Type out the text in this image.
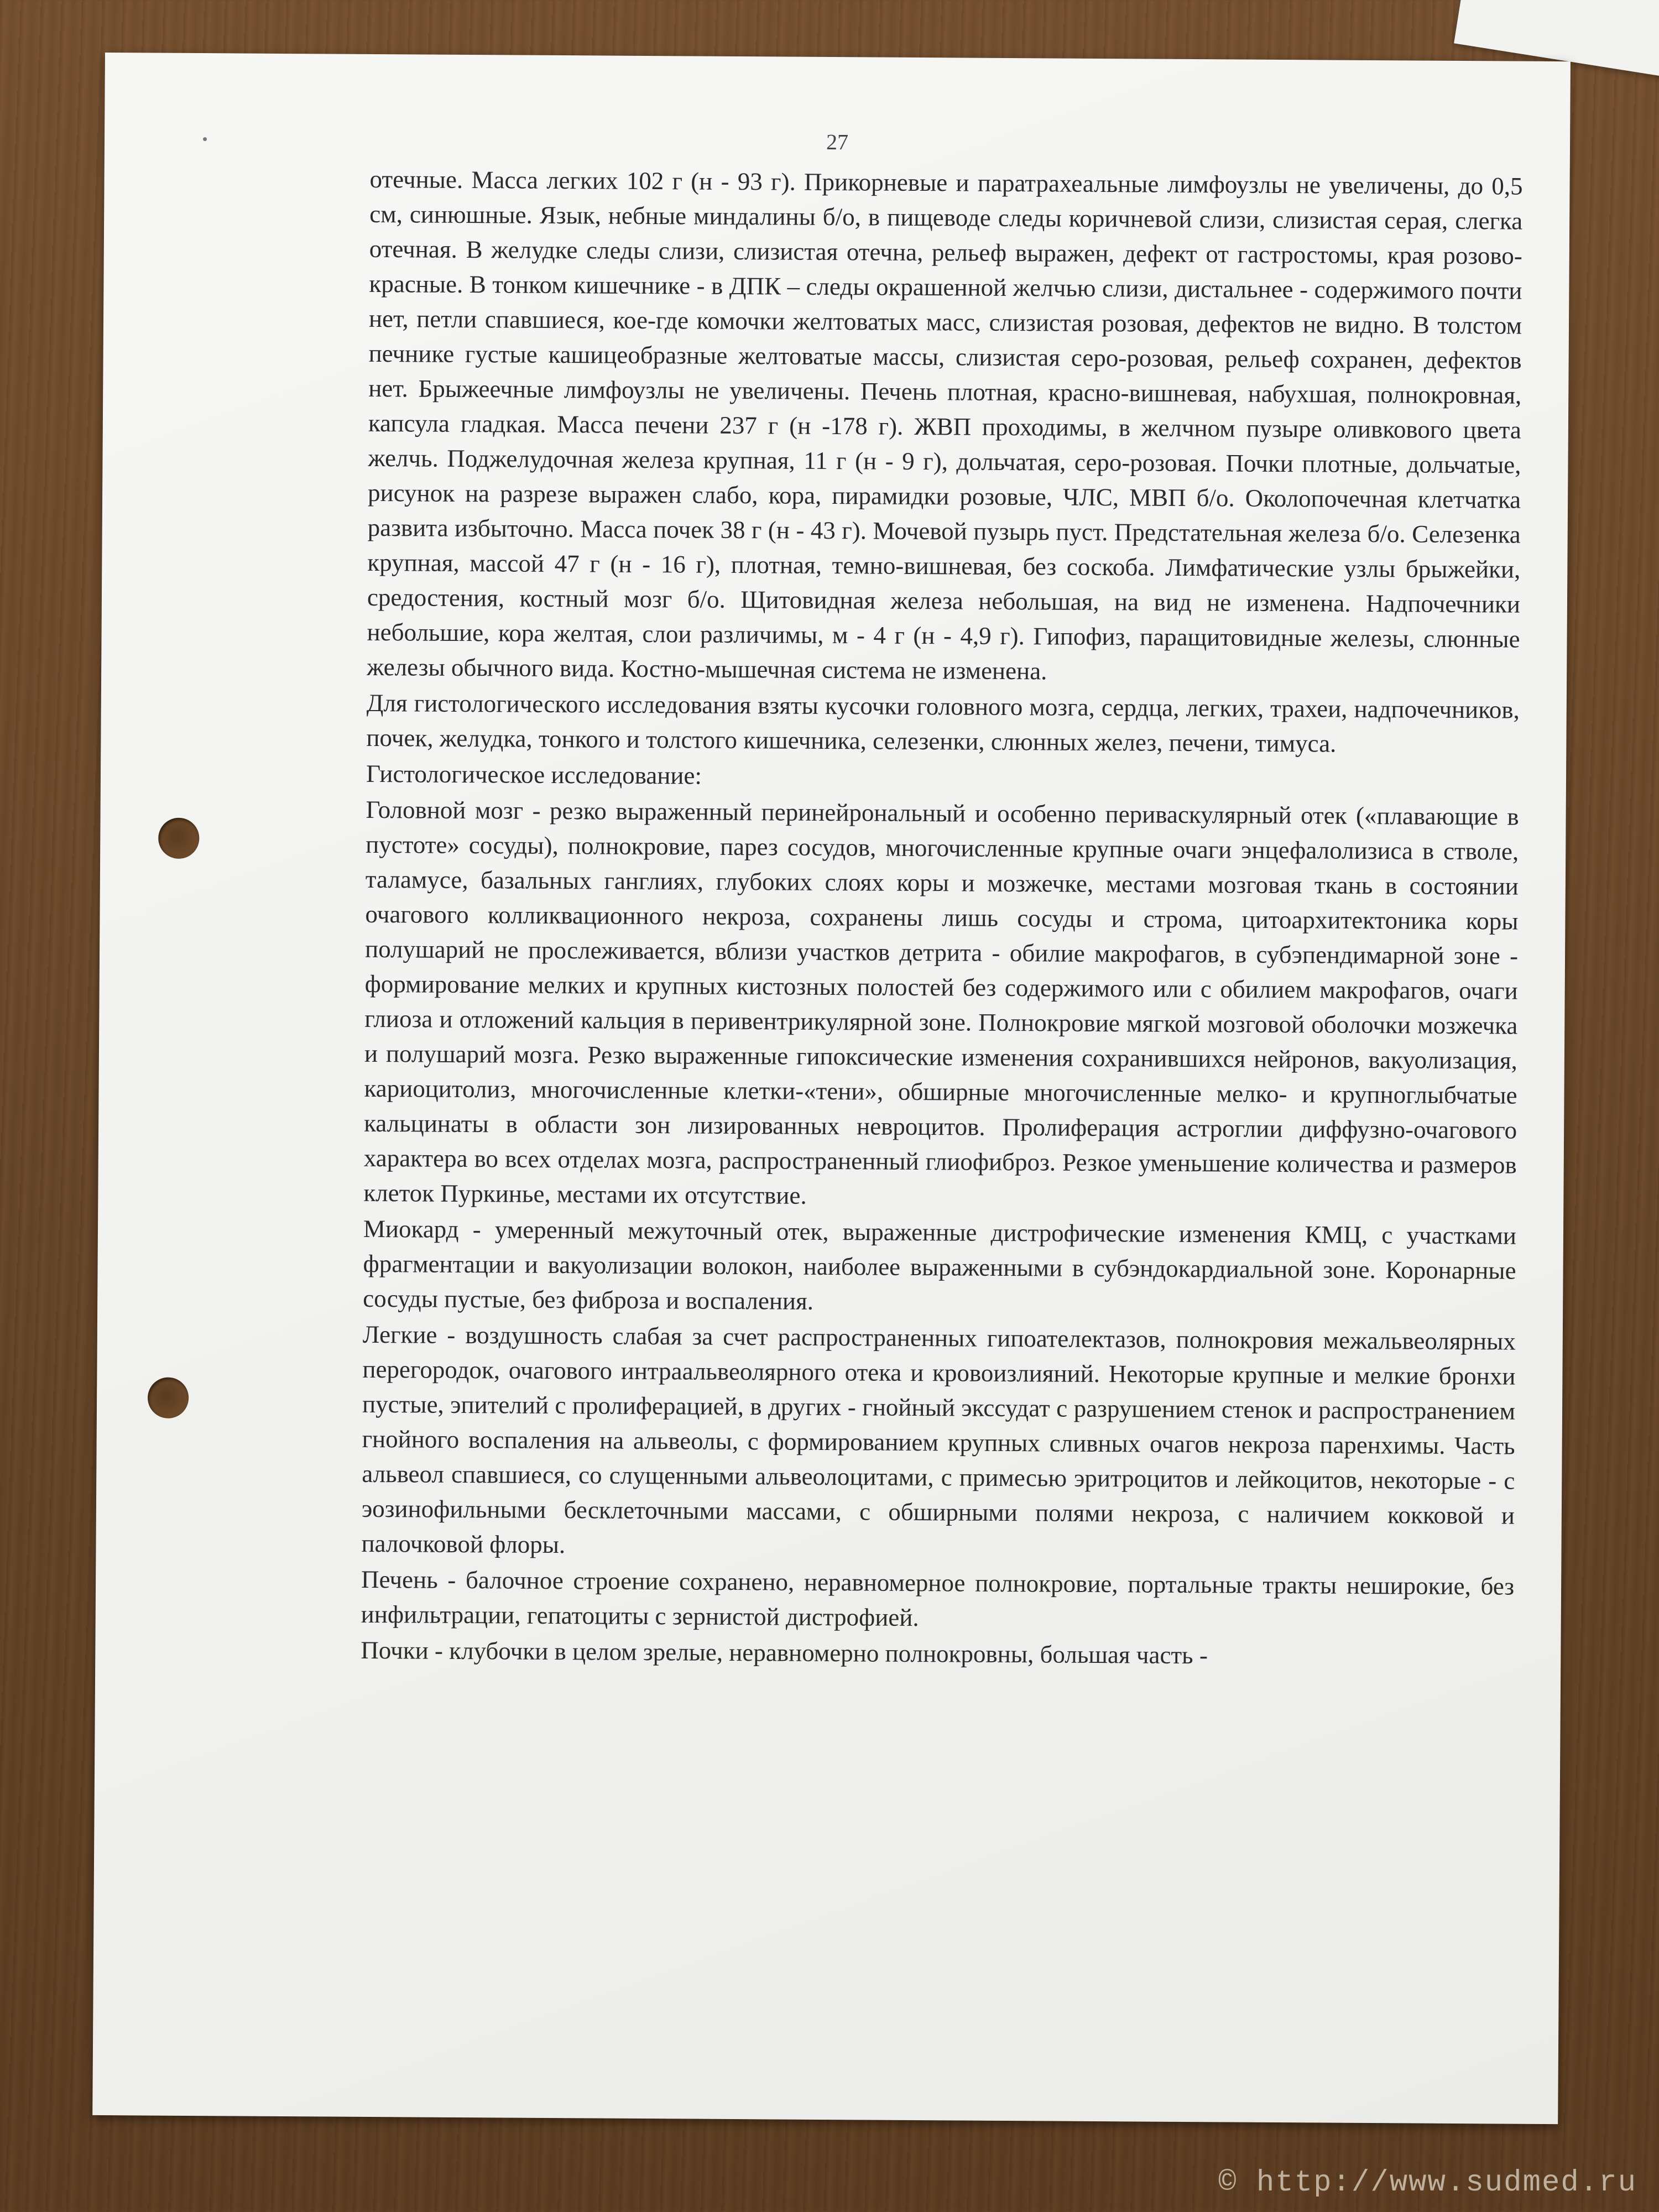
27

отечные. Масса легких 102 г (н - 93 г). Прикорневые и паратрахеальные лимфоузлы не увеличены, до 0,5 см, синюшные. Язык, небные миндалины б/о, в пищеводе следы коричневой слизи, слизистая серая, слегка отечная. В желудке следы слизи, слизистая отечна, рельеф выражен, дефект от гастростомы, края розово-красные. В тонком кишечнике - в ДПК – следы окрашенной желчью слизи, дистальнее - содержимого почти нет, петли спавшиеся, кое-где комочки желтоватых масс, слизистая розовая, дефектов не видно. В толстом печнике густые кашицеобразные желтоватые массы, слизистая серо-розовая, рельеф сохранен, дефектов нет. Брыжеечные лимфоузлы не увеличены. Печень плотная, красно-вишневая, набухшая, полнокровная, капсула гладкая. Масса печени 237 г (н -178 г). ЖВП проходимы, в желчном пузыре оливкового цвета желчь. Поджелудочная железа крупная, 11 г (н - 9 г), дольчатая, серо-розовая. Почки плотные, дольчатые, рисунок на разрезе выражен слабо, кора, пирамидки розовые, ЧЛС, МВП б/о. Околопочечная клетчатка развита избыточно. Масса почек 38 г (н - 43 г). Мочевой пузырь пуст. Предстательная железа б/о. Селезенка крупная, массой 47 г (н - 16 г), плотная, темно-вишневая, без соскоба. Лимфатические узлы брыжейки, средостения, костный мозг б/о. Щитовидная железа небольшая, на вид не изменена. Надпочечники небольшие, кора желтая, слои различимы, м - 4 г (н - 4,9 г). Гипофиз, паращитовидные железы, слюнные железы обычного вида. Костно-мышечная система не изменена.

Для гистологического исследования взяты кусочки головного мозга, сердца, легких, трахеи, надпочечников, почек, желудка, тонкого и толстого кишечника, селезенки, слюнных желез, печени, тимуса.

Гистологическое исследование:

Головной мозг - резко выраженный перинейрональный и особенно периваскулярный отек («плавающие в пустоте» сосуды), полнокровие, парез сосудов, многочисленные крупные очаги энцефалолизиса в стволе, таламусе, базальных ганглиях, глубоких слоях коры и мозжечке, местами мозговая ткань в состоянии очагового колликвационного некроза, сохранены лишь сосуды и строма, цитоархитектоника коры полушарий не прослеживается, вблизи участков детрита - обилие макрофагов, в субэпендимарной зоне - формирование мелких и крупных кистозных полостей без содержимого или с обилием макрофагов, очаги глиоза и отложений кальция в перивентрикулярной зоне. Полнокровие мягкой мозговой оболочки мозжечка и полушарий мозга. Резко выраженные гипоксические изменения сохранившихся нейронов, вакуолизация, кариоцитолиз, многочисленные клетки-«тени», обширные многочисленные мелко- и крупноглыбчатые кальцинаты в области зон лизированных невроцитов. Пролиферация астроглии диффузно-очагового характера во всех отделах мозга, распространенный глиофиброз. Резкое уменьшение количества и размеров клеток Пуркинье, местами их отсутствие.

Миокард - умеренный межуточный отек, выраженные дистрофические изменения КМЦ, с участками фрагментации и вакуолизации волокон, наиболее выраженными в субэндокардиальной зоне. Коронарные сосуды пустые, без фиброза и воспаления.

Легкие - воздушность слабая за счет распространенных гипоателектазов, полнокровия межальвеолярных перегородок, очагового интраальвеолярного отека и кровоизлияний. Некоторые крупные и мелкие бронхи пустые, эпителий с пролиферацией, в других - гнойный экссудат с разрушением стенок и распространением гнойного воспаления на альвеолы, с формированием крупных сливных очагов некроза паренхимы. Часть альвеол спавшиеся, со слущенными альвеолоцитами, с примесью эритроцитов и лейкоцитов, некоторые - с эозинофильными бесклеточными массами, с обширными полями некроза, с наличием кокковой и палочковой флоры.

Печень - балочное строение сохранено, неравномерное полнокровие, портальные тракты неширокие, без инфильтрации, гепатоциты с зернистой дистрофией.

Почки - клубочки в целом зрелые, неравномерно полнокровны, большая часть -

© http://www.sudmed.ru
